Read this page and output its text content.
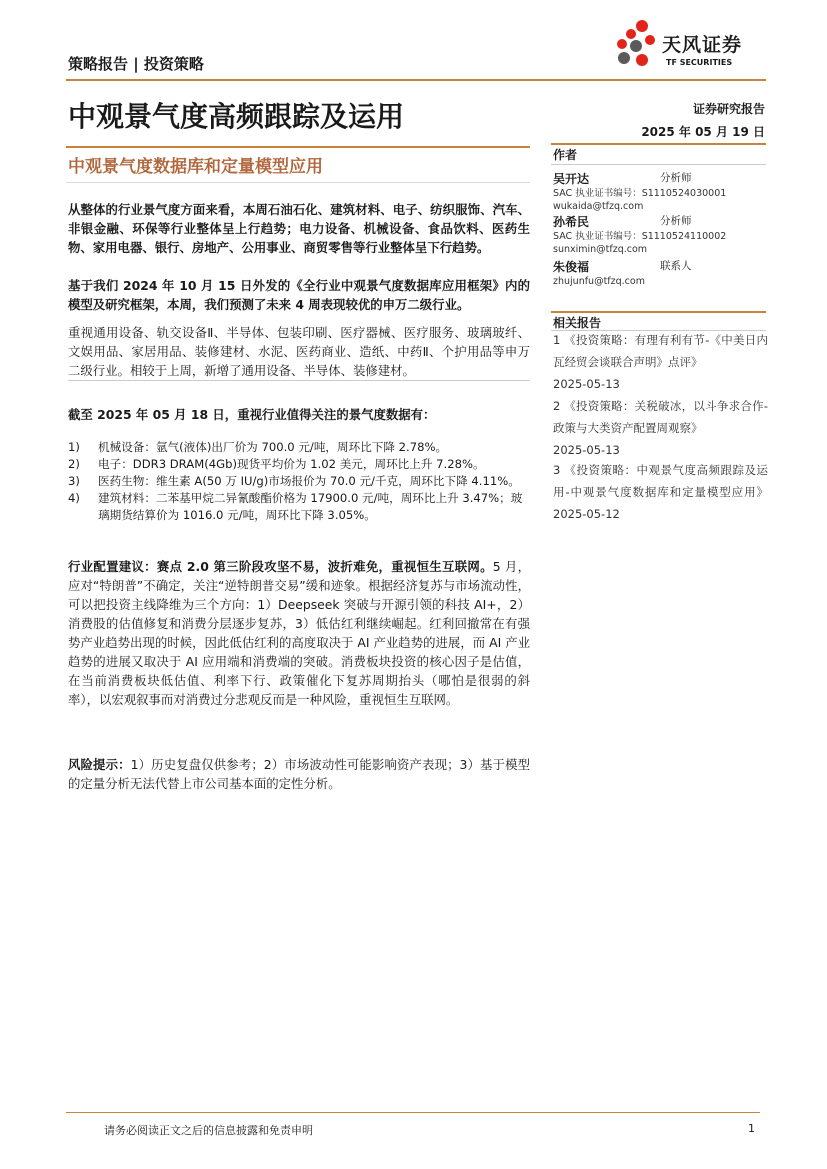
策略报告 | 投资策略
天风证券
TF SECURITIES
中观景气度高频跟踪及运用	证券研究报告
2025 年 05 月 19 日
中观景气度数据库和定量模型应用
作者
吴开达	分析师
SAC 执业证书编号：S1110524030001
wukaida@tfzq.com
孙希民	分析师
SAC 执业证书编号：S1110524110002
sunximin@tfzq.com
朱俊福	联系人
zhujunfu@tfzq.com
相关报告
1 《投资策略：有理有利有节-《中美日内瓦经贸会谈联合声明》点评》
2025-05-13
2 《投资策略：关税破冰，以斗争求合作-政策与大类资产配置周观察》
2025-05-13
3 《投资策略：中观景气度高频跟踪及运用-中观景气度数据库和定量模型应用》 2025-05-12
从整体的行业景气度方面来看，本周石油石化、建筑材料、电子、纺织服饰、汽车、非银金融、环保等行业整体呈上行趋势；电力设备、机械设备、食品饮料、医药生物、家用电器、银行、房地产、公用事业、商贸零售等行业整体呈下行趋势。
基于我们 2024 年 10 月 15 日外发的《全行业中观景气度数据库应用框架》内的模型及研究框架，本周，我们预测了未来 4 周表现较优的申万二级行业。
重视通用设备、轨交设备Ⅱ、半导体、包装印刷、医疗器械、医疗服务、玻璃玻纤、文娱用品、家居用品、装修建材、水泥、医药商业、造纸、中药Ⅱ、个护用品等申万二级行业。相较于上周，新增了通用设备、半导体、装修建材。
截至 2025 年 05 月 18 日，重视行业值得关注的景气度数据有：
1) 机械设备：氩气(液体)出厂价为 700.0 元/吨，周环比下降 2.78%。
2) 电子：DDR3 DRAM(4Gb)现货平均价为 1.02 美元，周环比上升 7.28%。
3) 医药生物：维生素 A(50 万 IU/g)市场报价为 70.0 元/千克，周环比下降 4.11%。
4) 建筑材料：二苯基甲烷二异氰酸酯价格为 17900.0 元/吨，周环比上升 3.47%；玻璃期货结算价为 1016.0 元/吨，周环比下降 3.05%。
行业配置建议：赛点 2.0 第三阶段攻坚不易，波折难免，重视恒生互联网。5 月，应对“特朗普”不确定，关注“逆特朗普交易”缓和迹象。根据经济复苏与市场流动性，可以把投资主线降维为三个方向：1）Deepseek 突破与开源引领的科技 AI+，2）消费股的估值修复和消费分层逐步复苏，3）低估红利继续崛起。红利回撤常在有强势产业趋势出现的时候，因此低估红利的高度取决于 AI 产业趋势的进展，而 AI 产业趋势的进展又取决于 AI 应用端和消费端的突破。消费板块投资的核心因子是估值，在当前消费板块低估值、利率下行、政策催化下复苏周期抬头（哪怕是很弱的斜率），以宏观叙事而对消费过分悲观反而是一种风险，重视恒生互联网。
风险提示：1）历史复盘仅供参考；2）市场波动性可能影响资产表现；3）基于模型的定量分析无法代替上市公司基本面的定性分析。
请务必阅读正文之后的信息披露和免责申明	1
